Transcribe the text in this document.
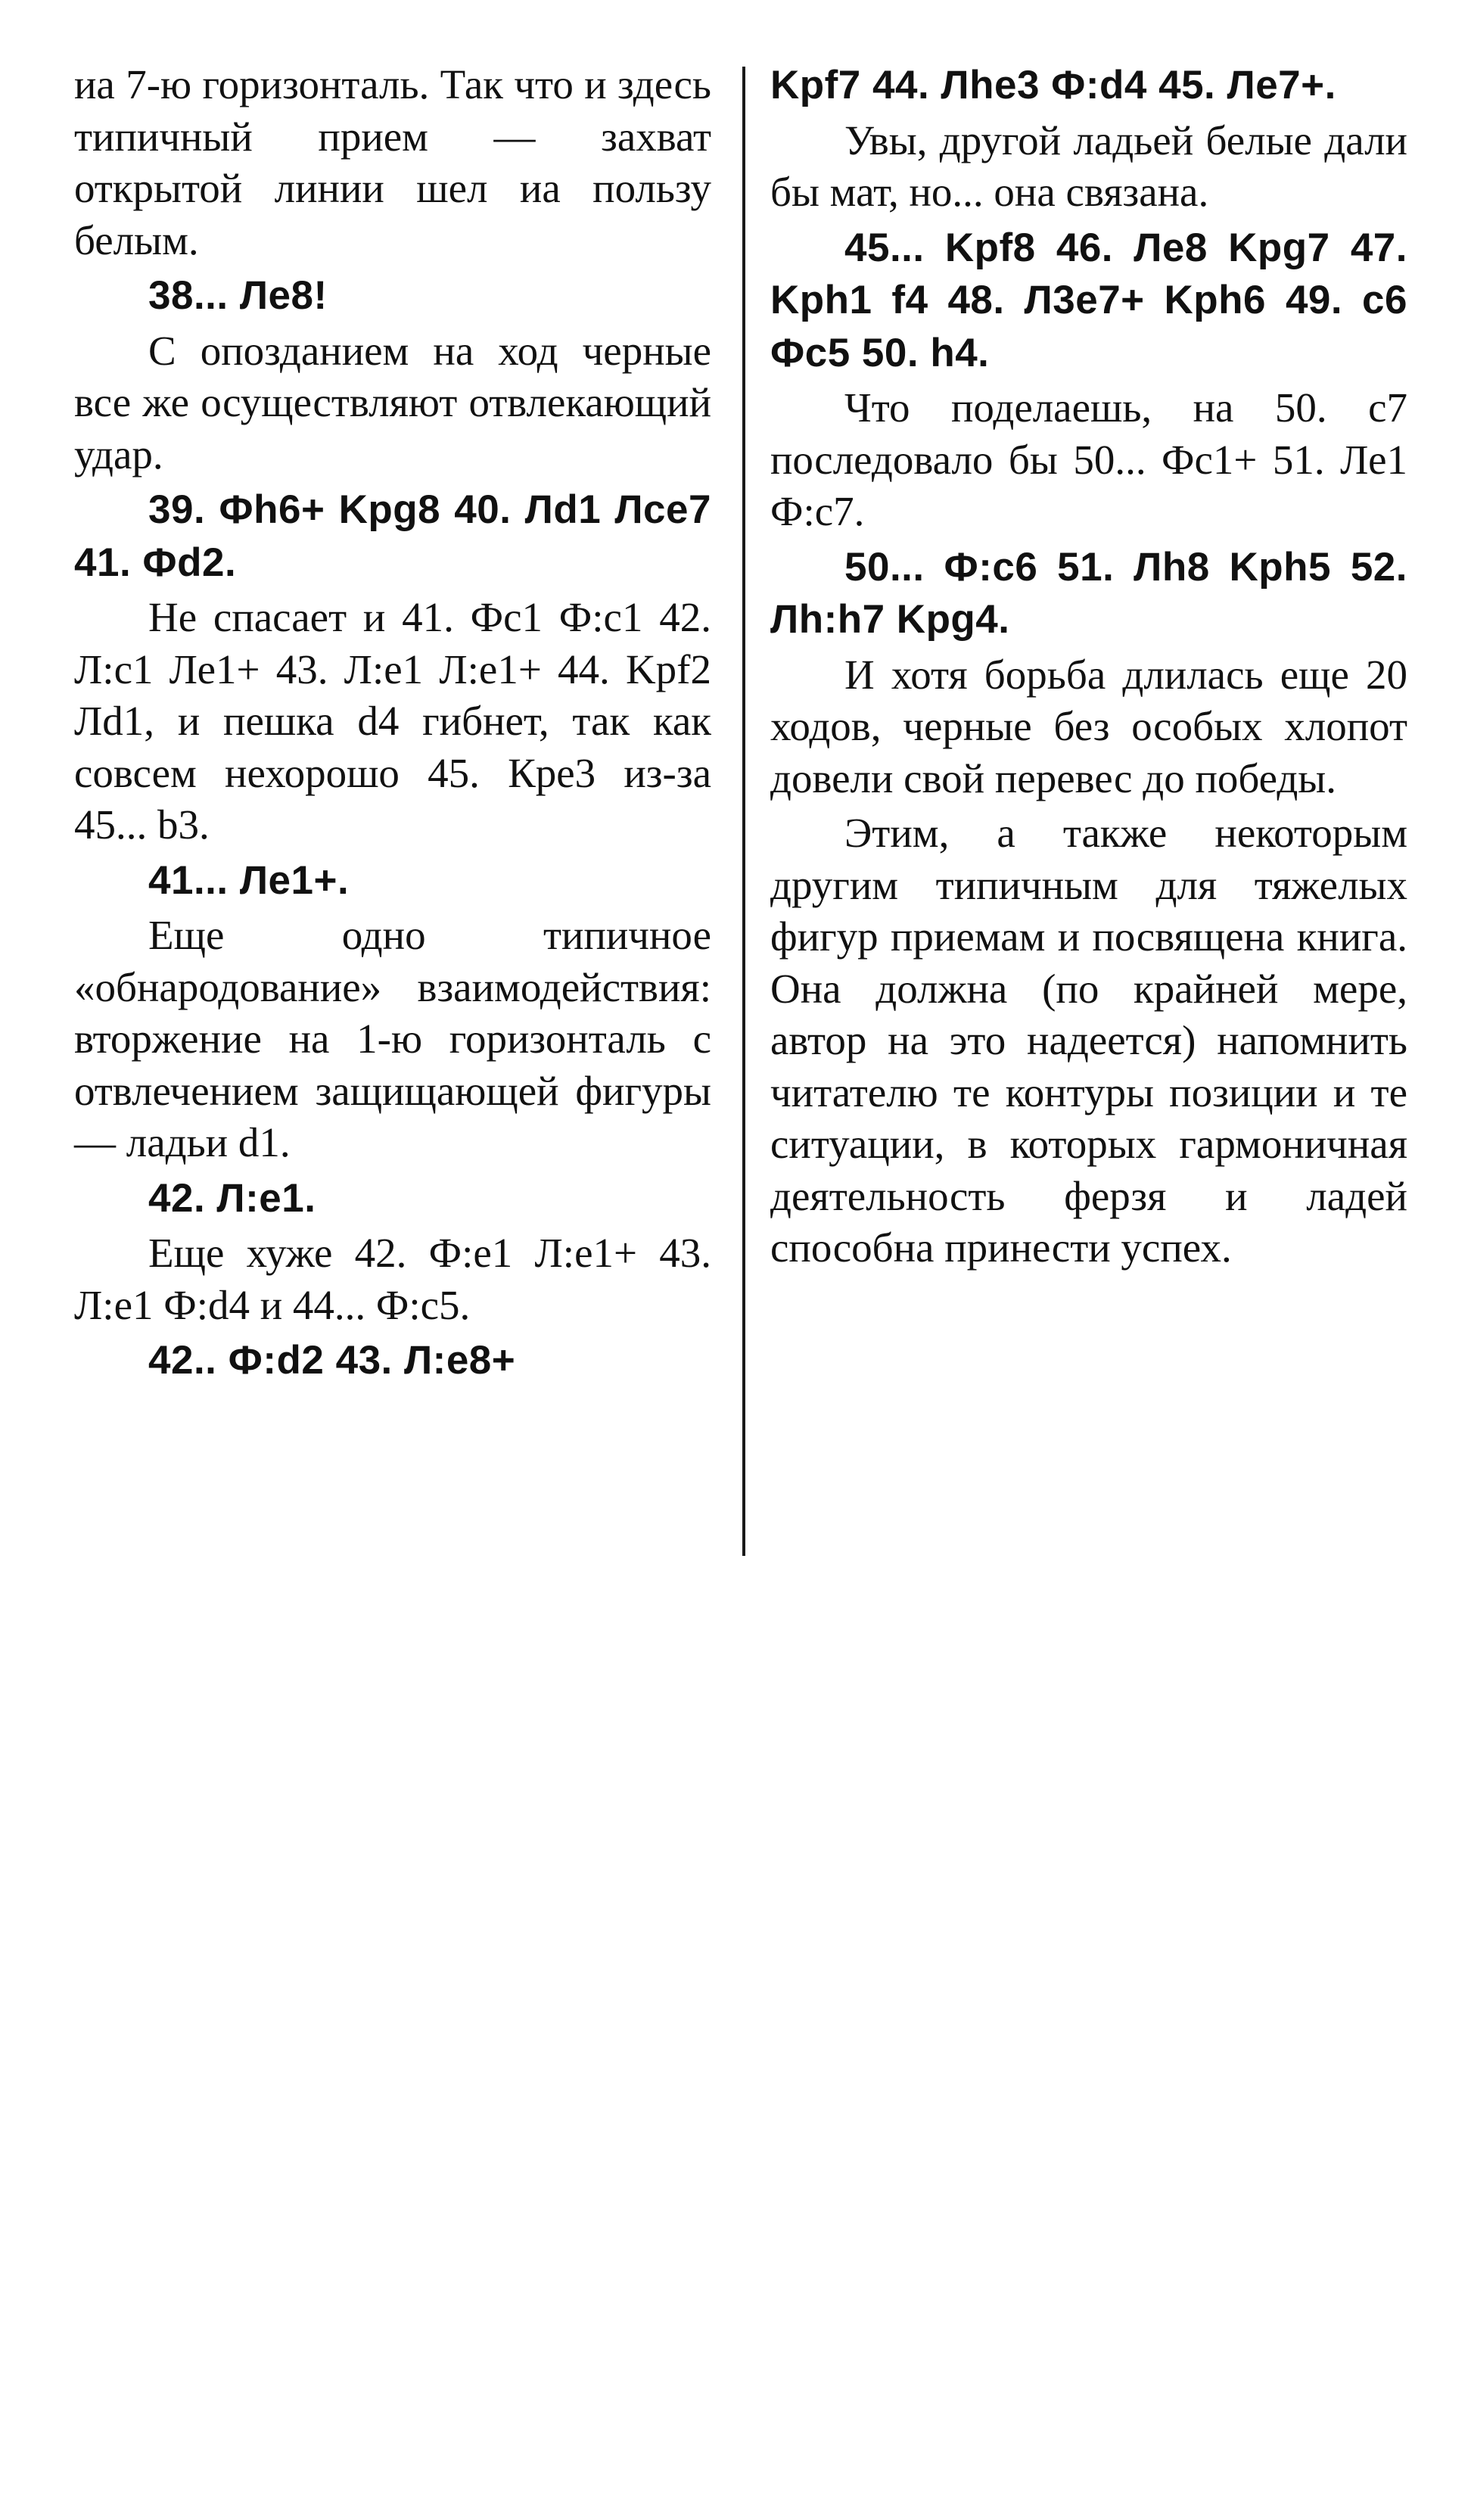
иа 7-ю горизонталь. Так что и здесь типичный прием — захват открытой линии шел иа пользу белым.

38... Ле8!

С опозданием на ход черные все же осуществляют отвлекающий удар.

39. Фh6+ Kpg8 40. Лd1 Лce7 41. Фd2.

Не спасает и 41. Фc1 Ф:c1 42. Л:c1 Ле1+ 43. Л:e1 Л:e1+ 44. Kpf2 Лd1, и пешка d4 гибнет, так как совсем нехорошо 45. Кре3 из-за 45... b3.

41... Ле1+.

Еще одно типичное «обнародование» взаимодействия: вторжение на 1-ю горизонталь с отвлечением защищающей фигуры — ладьи d1.

42. Л:e1.

Еще хуже 42. Ф:e1 Л:e1+ 43. Л:e1 Ф:d4 и 44... Ф:c5.

42.. Ф:d2 43. Л:e8+

Kpf7 44. Лhe3 Ф:d4 45. Ле7+.

Увы, другой ладьей белые дали бы мат, но... она связана.

45... Kpf8 46. Ле8 Kpg7 47. Kph1 f4 48. Л3e7+ Kph6 49. c6 Фc5 50. h4.

Что поделаешь, на 50. c7 последовало бы 50... Фc1+ 51. Ле1 Ф:c7.

50... Ф:c6 51. Лh8 Kph5 52. Лh:h7 Kpg4.

И хотя борьба длилась еще 20 ходов, черные без особых хлопот довели свой перевес до победы.

Этим, а также некоторым другим типичным для тяжелых фигур приемам и посвящена книга. Она должна (по крайней мере, автор на это надеется) напомнить читателю те контуры позиции и те ситуации, в которых гармоничная деятельность ферзя и ладей способна принести успех.
